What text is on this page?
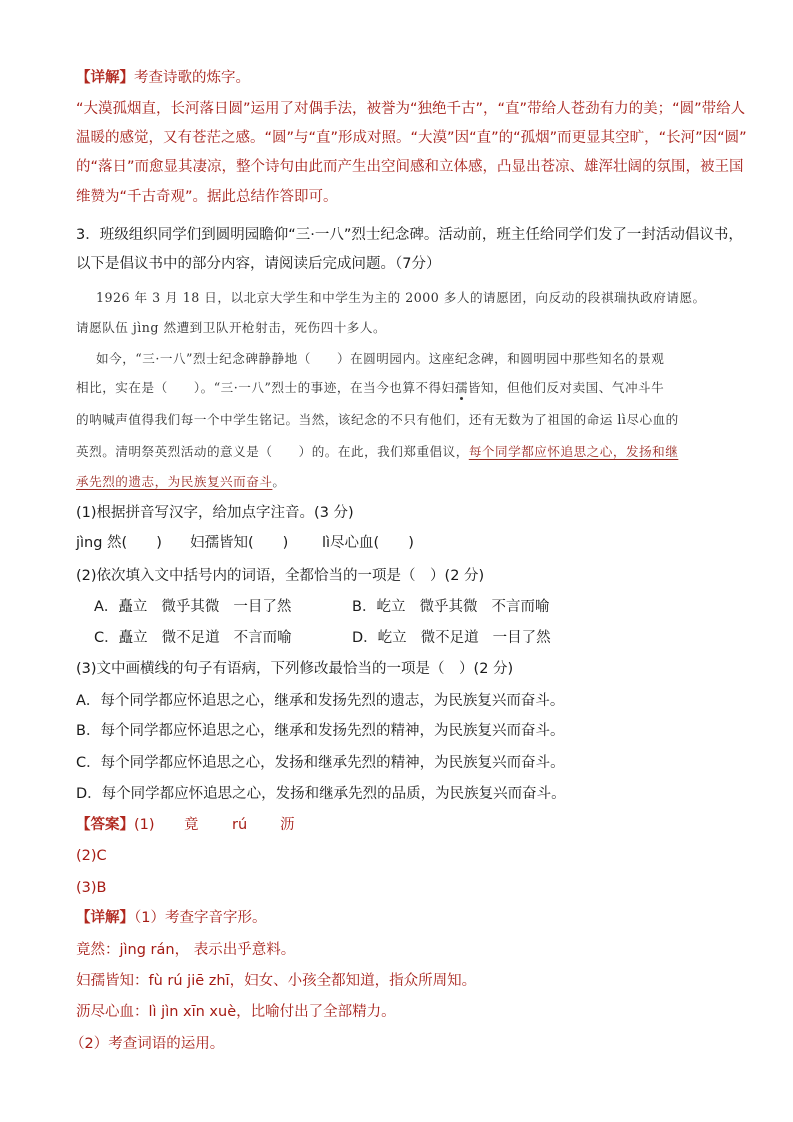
【详解】考查诗歌的炼字。
“大漠孤烟直，长河落日圆”运用了对偶手法，被誉为“独绝千古”，“直”带给人苍劲有力的美；“圆”带给人
温暖的感觉，又有苍茫之感。“圆”与“直”形成对照。“大漠”因“直”的“孤烟”而更显其空旷，“长河”因“圆”
的“落日”而愈显其凄凉，整个诗句由此而产生出空间感和立体感，凸显出苍凉、雄浑壮阔的氛围，被王国
维赞为“千古奇观”。据此总结作答即可。
3．班级组织同学们到圆明园瞻仰“三·一八”烈士纪念碑。活动前，班主任给同学们发了一封活动倡议书，
以下是倡议书中的部分内容，请阅读后完成问题。（7分）
1926 年 3 月 18 日，以北京大学生和中学生为主的 2000 多人的请愿团，向反动的段祺瑞执政府请愿。
请愿队伍 jìng 然遭到卫队开枪射击，死伤四十多人。
如今，“三·一八”烈士纪念碑静静地（　　）在圆明园内。这座纪念碑，和圆明园中那些知名的景观
相比，实在是（　　）。“三·一八”烈士的事迹，在当今也算不得妇孺皆知，但他们反对卖国、气冲斗牛
的呐喊声值得我们每一个中学生铭记。当然，该纪念的不只有他们，还有无数为了祖国的命运 lì尽心血的
英烈。清明祭英烈活动的意义是（　　）的。在此，我们郑重倡议，每个同学都应怀追思之心，发扬和继
承先烈的遗志，为民族复兴而奋斗。
(1)根据拼音写汉字，给加点字注音。(3 分)
jìng 然(　　) 妇孺皆知(　　) lì尽心血(　　)
(2)依次填入文中括号内的词语，全都恰当的一项是（　）(2 分)
A．矗立 微乎其微 一目了然	B．屹立 微乎其微 不言而喻
C．矗立 微不足道 不言而喻	D．屹立 微不足道 一目了然
(3)文中画横线的句子有语病，下列修改最恰当的一项是（　）(2 分)
A．每个同学都应怀追思之心，继承和发扬先烈的遗志，为民族复兴而奋斗。
B．每个同学都应怀追思之心，继承和发扬先烈的精神，为民族复兴而奋斗。
C．每个同学都应怀追思之心，发扬和继承先烈的精神，为民族复兴而奋斗。
D．每个同学都应怀追思之心，发扬和继承先烈的品质，为民族复兴而奋斗。
【答案】(1) 竟 rú 沥
(2)C
(3)B
【详解】（1）考查字音字形。
竟然：jìng rán， 表示出乎意料。
妇孺皆知：fù rú jiē zhī，妇女、小孩全都知道，指众所周知。
沥尽心血：lì jìn xīn xuè，比喻付出了全部精力。
（2）考查词语的运用。
